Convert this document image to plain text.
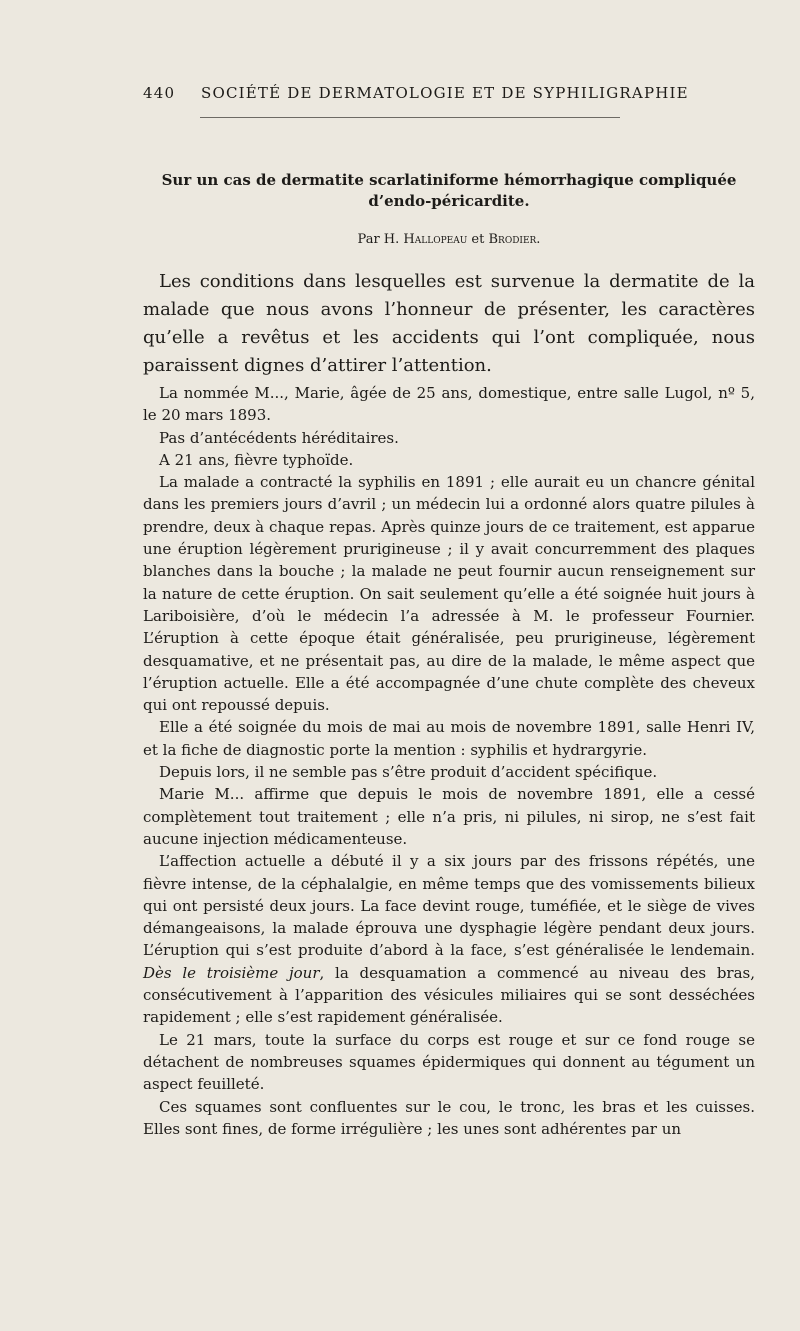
440 SOCIÉTÉ DE DERMATOLOGIE ET DE SYPHILIGRAPHIE
Sur un cas de dermatite scarlatiniforme hémorrhagique compliquée d’endo-péricardite.
Par H. Hallopeau et Brodier.

Les conditions dans lesquelles est survenue la dermatite de la malade que nous avons l’honneur de présenter, les caractères qu’elle a revêtus et les accidents qui l’ont compliquée, nous paraissent dignes d’attirer l’attention.

La nommée M..., Marie, âgée de 25 ans, domestique, entre salle Lugol, nº 5, le 20 mars 1893.

Pas d’antécédents héréditaires.

A 21 ans, fièvre typhoïde.

La malade a contracté la syphilis en 1891 ; elle aurait eu un chancre génital dans les premiers jours d’avril ; un médecin lui a ordonné alors quatre pilules à prendre, deux à chaque repas. Après quinze jours de ce traitement, est apparue une éruption légèrement prurigineuse ; il y avait concurremment des plaques blanches dans la bouche ; la malade ne peut fournir aucun renseignement sur la nature de cette éruption. On sait seulement qu’elle a été soignée huit jours à Lariboisière, d’où le médecin l’a adressée à M. le professeur Fournier. L’éruption à cette époque était généralisée, peu prurigineuse, légèrement desquamative, et ne présentait pas, au dire de la malade, le même aspect que l’éruption actuelle. Elle a été accompagnée d’une chute complète des cheveux qui ont repoussé depuis.

Elle a été soignée du mois de mai au mois de novembre 1891, salle Henri IV, et la fiche de diagnostic porte la mention : syphilis et hydrargyrie.

Depuis lors, il ne semble pas s’être produit d’accident spécifique.

Marie M... affirme que depuis le mois de novembre 1891, elle a cessé complètement tout traitement ; elle n’a pris, ni pilules, ni sirop, ne s’est fait aucune injection médicamenteuse.

L’affection actuelle a débuté il y a six jours par des frissons répétés, une fièvre intense, de la céphalalgie, en même temps que des vomissements bilieux qui ont persisté deux jours. La face devint rouge, tuméfiée, et le siège de vives démangeaisons, la malade éprouva une dysphagie légère pendant deux jours. L’éruption qui s’est produite d’abord à la face, s’est généralisée le lendemain. Dès le troisième jour, la desquamation a commencé au niveau des bras, consécutivement à l’apparition des vésicules miliaires qui se sont desséchées rapidement ; elle s’est rapidement généralisée.

Le 21 mars, toute la surface du corps est rouge et sur ce fond rouge se détachent de nombreuses squames épidermiques qui donnent au tégument un aspect feuilleté.

Ces squames sont confluentes sur le cou, le tronc, les bras et les cuisses. Elles sont fines, de forme irrégulière ; les unes sont adhérentes par un
